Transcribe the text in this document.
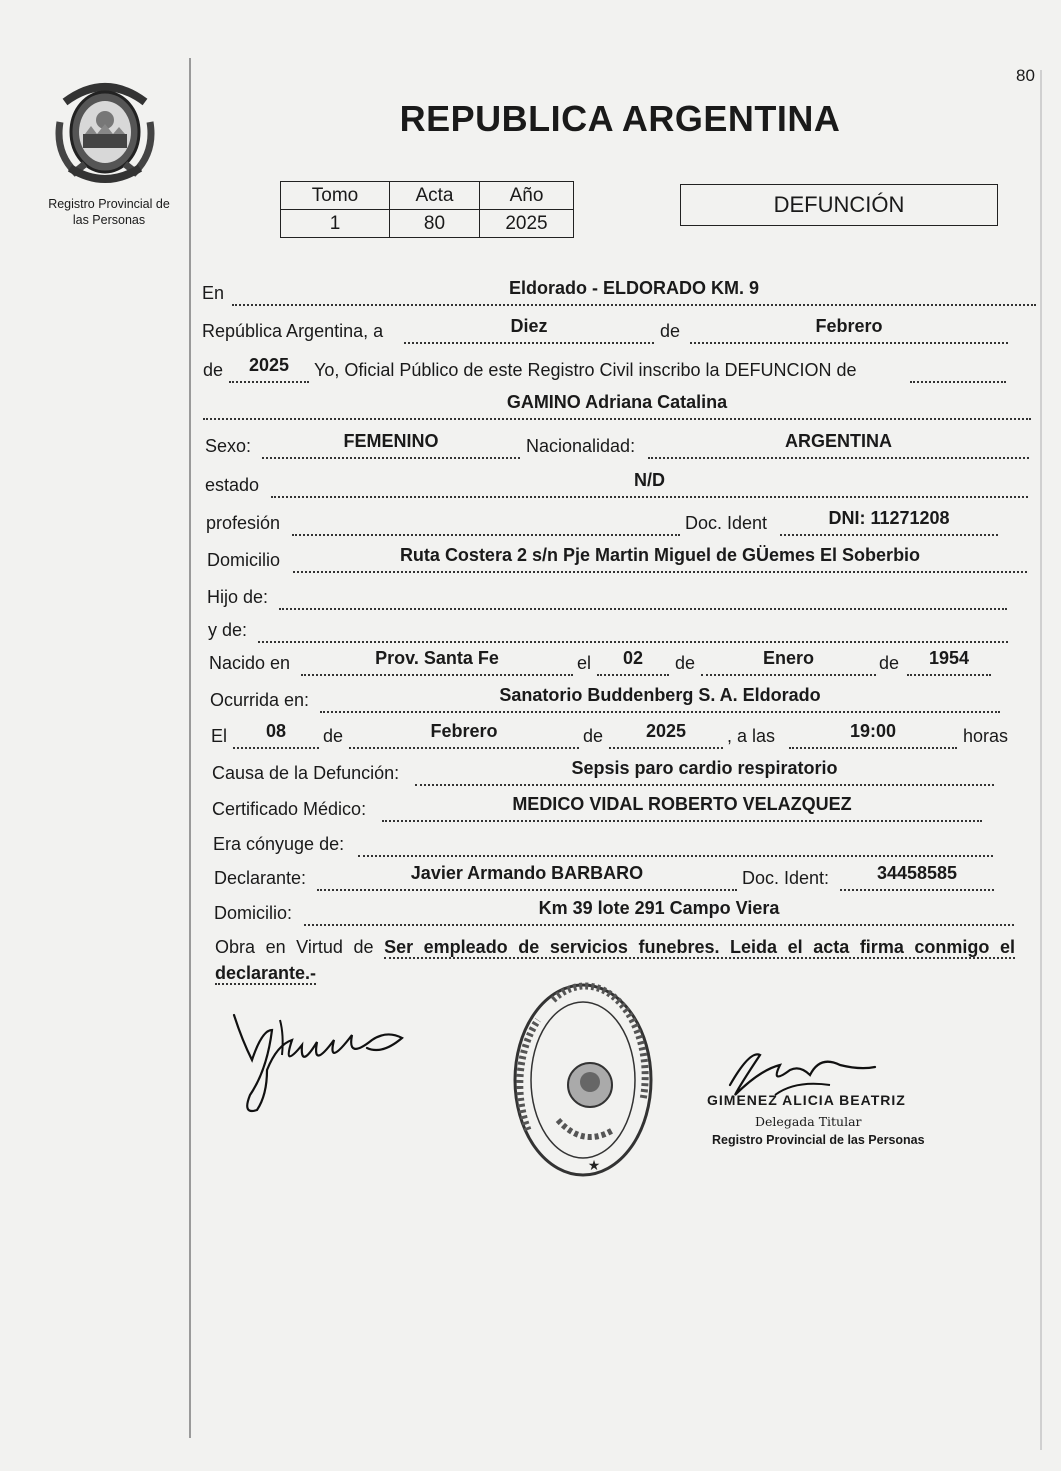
80
Registro Provincial de
las Personas
REPUBLICA ARGENTINA
Tomo	Acta	Año
1	80	2025
DEFUNCIÓN
En	Eldorado - ELDORADO KM. 9
República Argentina, a	Diez	de	Febrero
de	2025	Yo, Oficial Público de este Registro Civil inscribo la DEFUNCION de
GAMINO Adriana Catalina
Sexo:	FEMENINO	Nacionalidad:	ARGENTINA
estado	N/D
profesión	Doc. Ident	DNI: 11271208
Domicilio	Ruta Costera 2 s/n Pje Martin Miguel de GÜemes El Soberbio
Hijo de:
y de:
Nacido en	Prov. Santa Fe	el	02	de	Enero	de	1954
Ocurrida en:	Sanatorio Buddenberg S. A. Eldorado
El	08	de	Febrero	de	2025	, a las	19:00	horas
Causa de la Defunción:	Sepsis paro cardio respiratorio
Certificado Médico:	MEDICO VIDAL ROBERTO VELAZQUEZ
Era cónyuge de:
Declarante:	Javier Armando BARBARO	Doc. Ident:	34458585
Domicilio:	Km 39 lote 291 Campo Viera
Obra en Virtud de Ser empleado de servicios funebres. Leida el acta firma conmigo el declarante.-
★
GIMENEZ ALICIA BEATRIZ
Delegada Titular
Registro Provincial de las Personas
